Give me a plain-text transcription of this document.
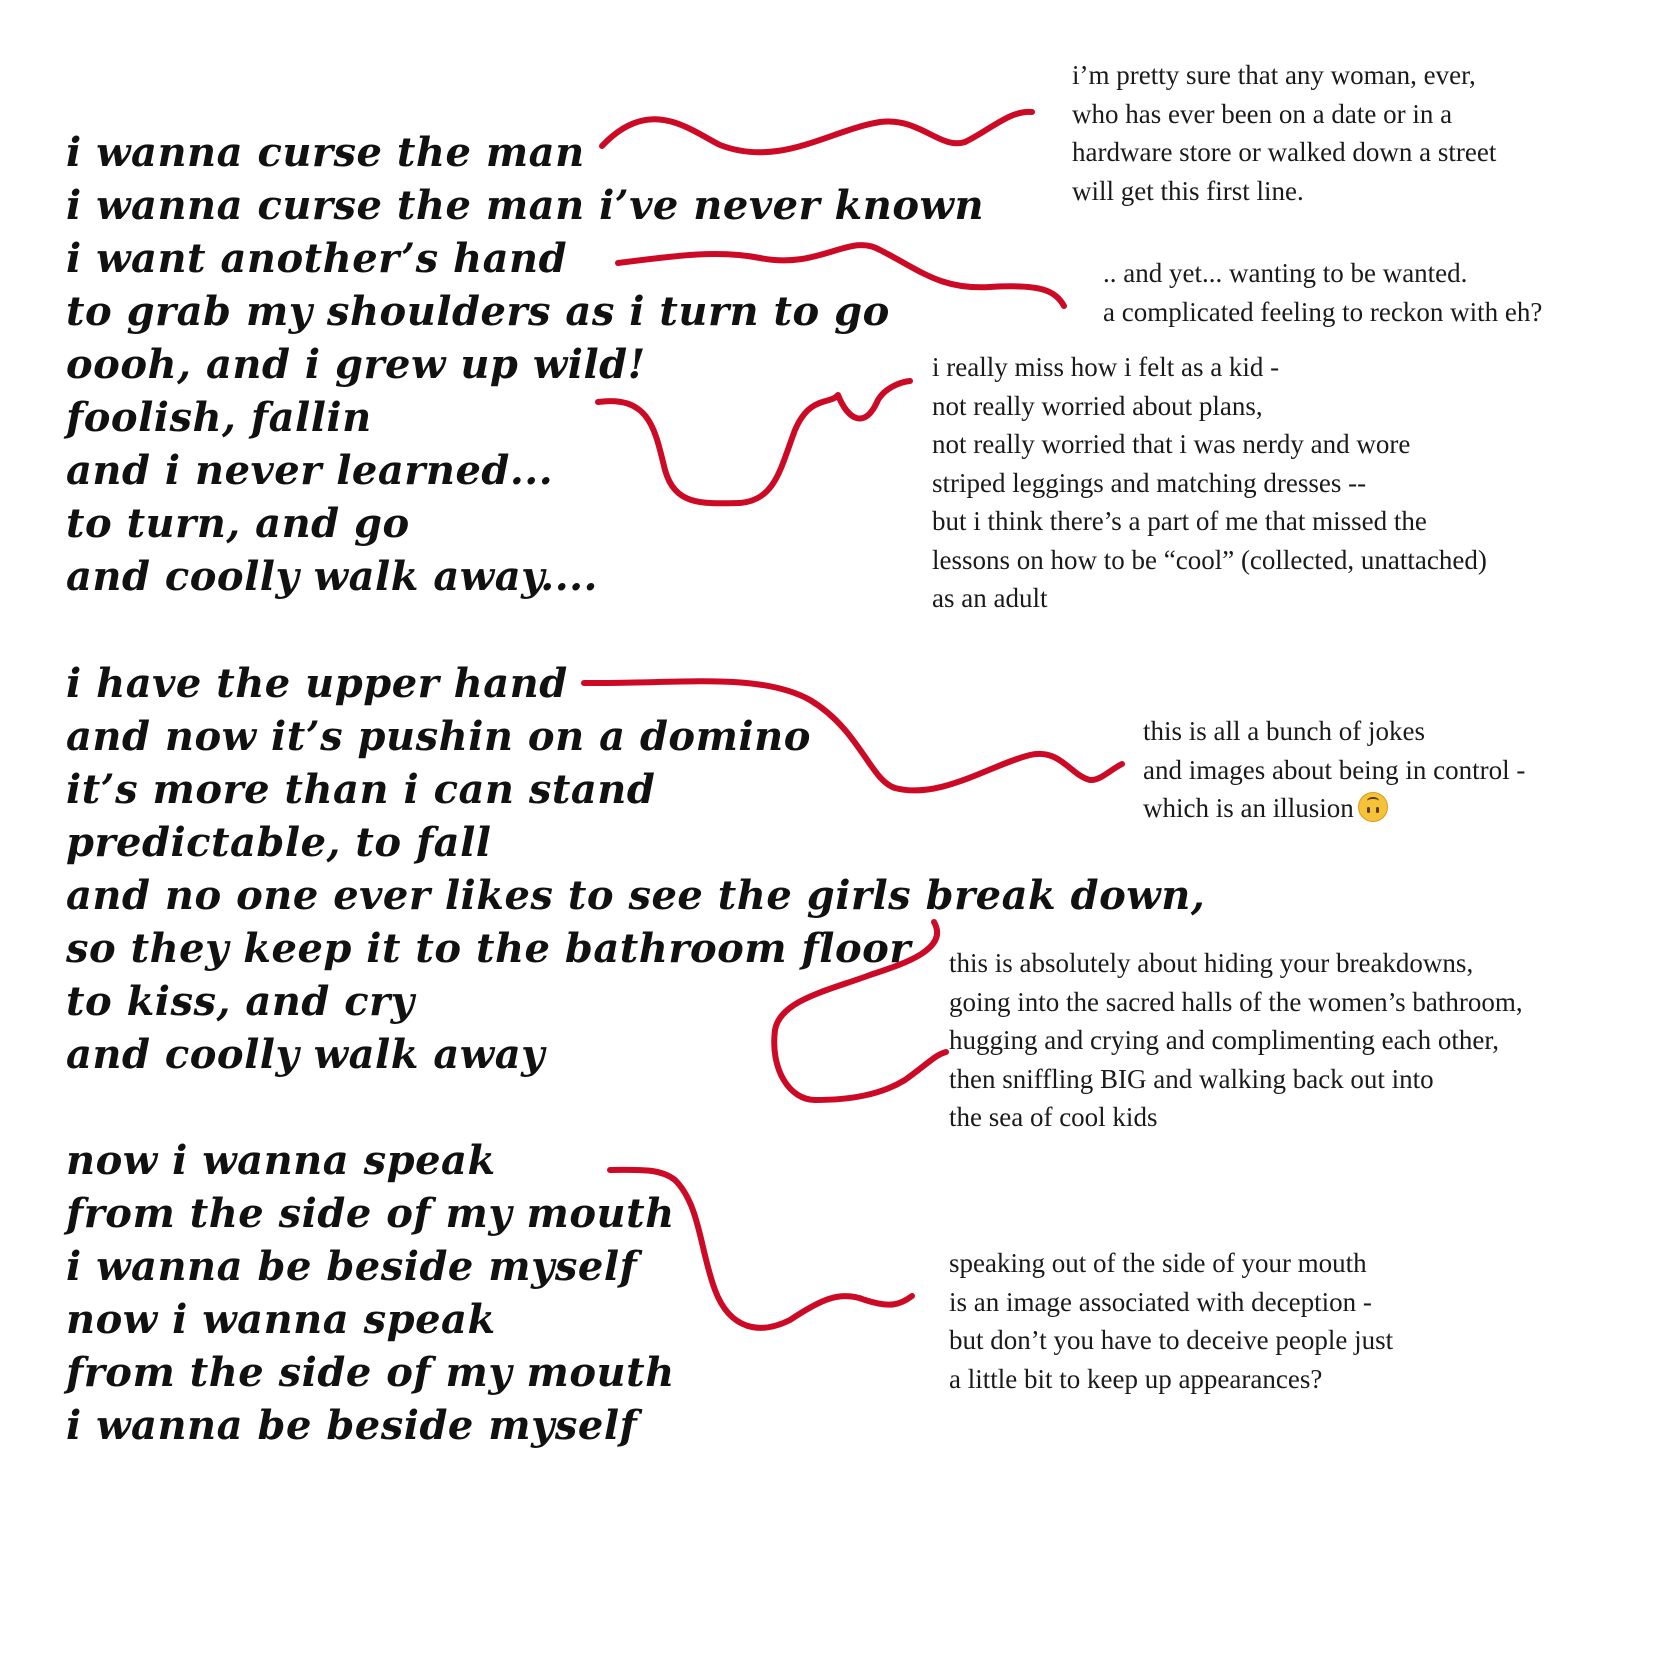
i wanna curse the man
i wanna curse the man i’ve never known
i want another’s hand
to grab my shoulders as i turn to go
oooh, and i grew up wild!
foolish, fallin
and i never learned...
to turn, and go
and coolly walk away....
i have the upper hand
and now it’s pushin on a domino
it’s more than i can stand
predictable, to fall
and no one ever likes to see the girls break down,
so they keep it to the bathroom floor
to kiss, and cry
and coolly walk away
now i wanna speak
from the side of my mouth
i wanna be beside myself
now i wanna speak
from the side of my mouth
i wanna be beside myself
i’m pretty sure that any woman, ever,
who has ever been on a date or in a
hardware store or walked down a street
will get this first line.
.. and yet... wanting to be wanted.
a complicated feeling to reckon with eh?
i really miss how i felt as a kid -
not really worried about plans,
not really worried that i was nerdy and wore
striped leggings and matching dresses --
but i think there’s a part of me that missed the
lessons on how to be “cool” (collected, unattached)
as an adult
this is all a bunch of jokes
and images about being in control -
which is an illusion
this is absolutely about hiding your breakdowns,
going into the sacred halls of the women’s bathroom,
hugging and crying and complimenting each other,
then sniffling BIG and walking back out into
the sea of cool kids
speaking out of the side of your mouth
is an image associated with deception -
but don’t you have to deceive people just
a little bit to keep up appearances?
